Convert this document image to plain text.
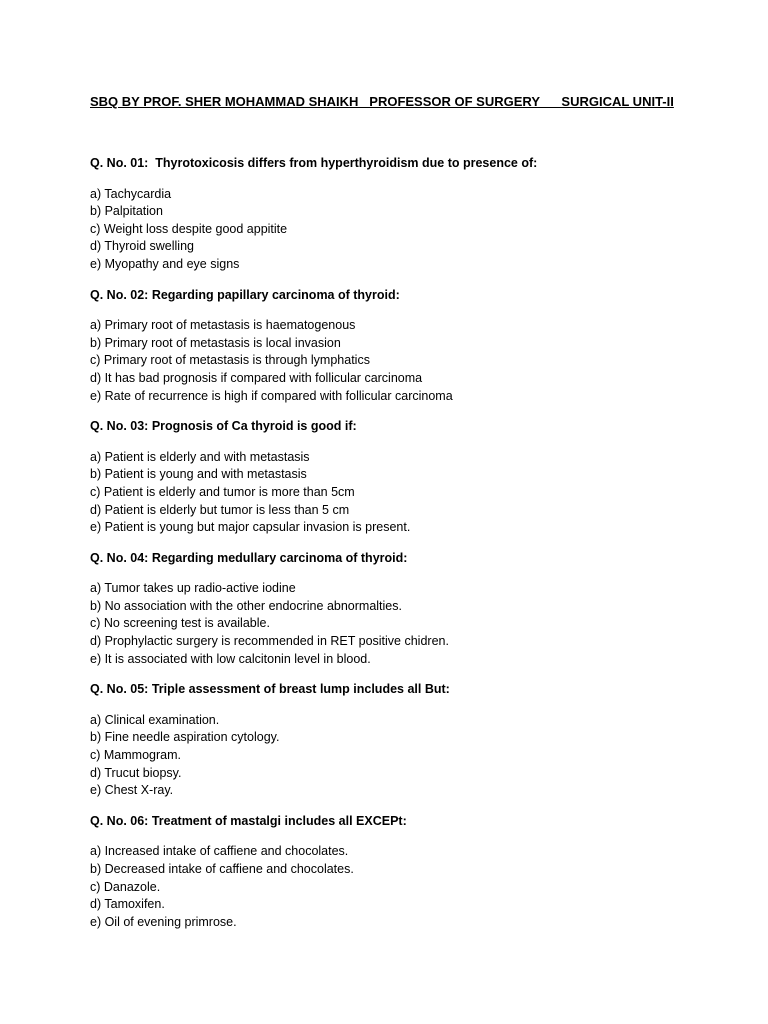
SBQ BY PROF. SHER MOHAMMAD SHAIKH   PROFESSOR OF SURGERY      SURGICAL UNIT-II
Q. No. 01:  Thyrotoxicosis differs from hyperthyroidism due to presence of:
a) Tachycardia
b) Palpitation
c) Weight loss despite good appitite
d) Thyroid swelling
e) Myopathy and eye signs
Q. No. 02: Regarding papillary carcinoma of thyroid:
a) Primary root of metastasis is haematogenous
b) Primary root of metastasis is local invasion
c) Primary root of metastasis is through lymphatics
d) It has bad prognosis if compared with follicular carcinoma
e) Rate of recurrence is high if compared with follicular carcinoma
Q. No. 03: Prognosis of Ca thyroid is good if:
a) Patient is elderly and with metastasis
b) Patient is young and with metastasis
c) Patient is elderly and tumor is more than 5cm
d) Patient is elderly but tumor is less than 5 cm
e) Patient is young but major capsular invasion is present.
Q. No. 04: Regarding medullary carcinoma of thyroid:
a) Tumor takes up radio-active iodine
b) No association with the other endocrine abnormalties.
c) No screening test is available.
d) Prophylactic surgery is recommended in RET positive chidren.
e) It is associated with low calcitonin level in blood.
Q. No. 05: Triple assessment of breast lump includes all But:
a) Clinical examination.
b) Fine needle aspiration cytology.
c) Mammogram.
d) Trucut biopsy.
e) Chest X-ray.
Q. No. 06: Treatment of mastalgi includes all EXCEPt:
a) Increased intake of caffiene and chocolates.
b) Decreased intake of caffiene and chocolates.
c) Danazole.
d) Tamoxifen.
e) Oil of evening primrose.
